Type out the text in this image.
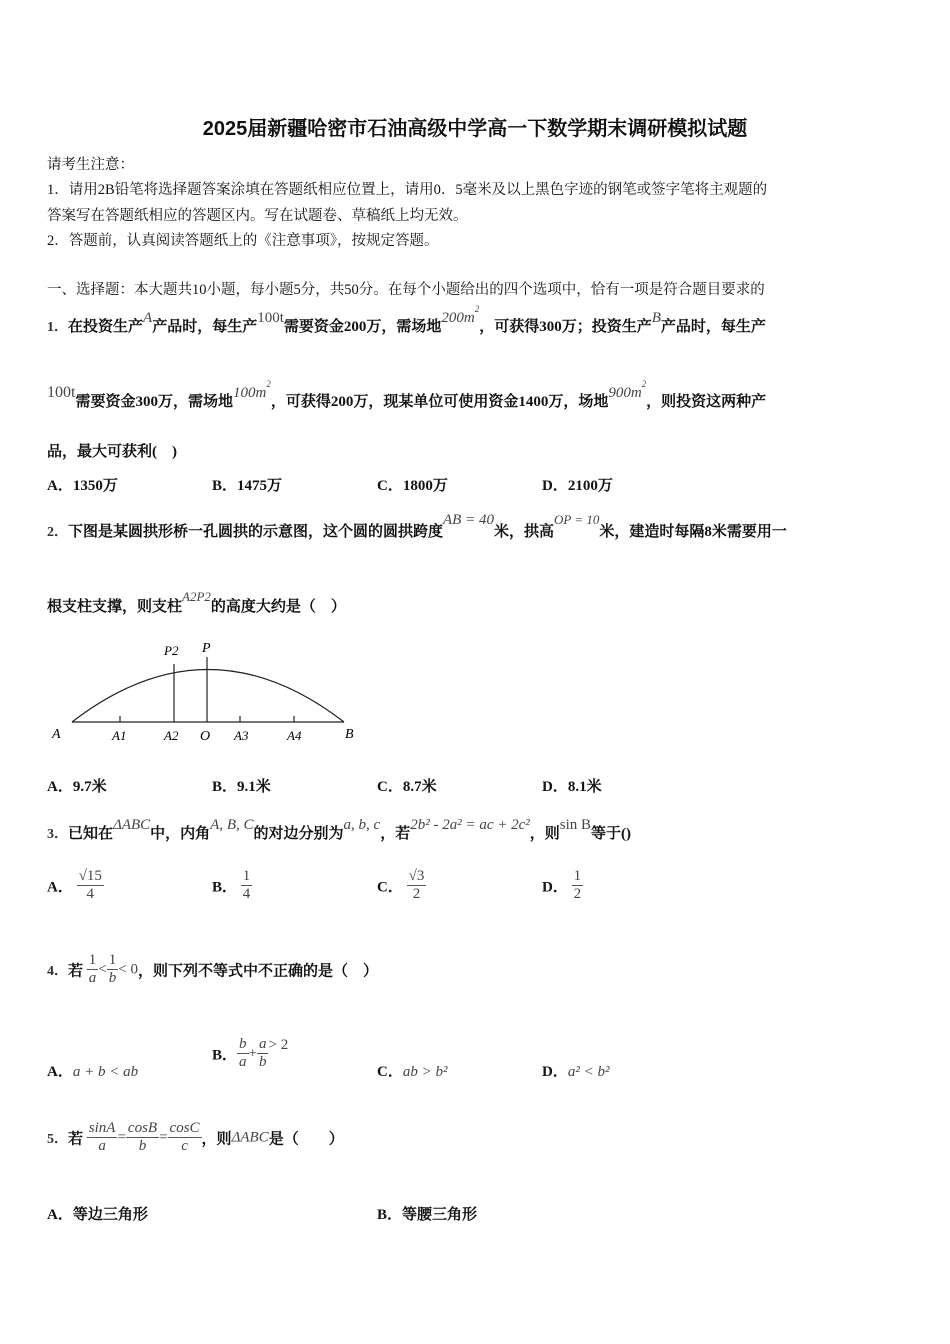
2025届新疆哈密市石油高级中学高一下数学期末调研模拟试题
请考生注意：
1．请用2B铅笔将选择题答案涂填在答题纸相应位置上，请用0．5毫米及以上黑色字迹的钢笔或签字笔将主观题的
答案写在答题纸相应的答题区内。写在试题卷、草稿纸上均无效。
2．答题前，认真阅读答题纸上的《注意事项》，按规定答题。
一、选择题：本大题共10小题，每小题5分，共50分。在每个小题给出的四个选项中，恰有一项是符合题目要求的
1．在投资生产A产品时，每生产100t需要资金200万，需场地$200m^2$，可获得300万；投资生产B产品时，每生产
100t需要资金300万，需场地$100m^2$，可获得200万，现某单位可使用资金1400万，场地$900m^2$，则投资这两种产
品，最大可获利(　)
A．1350万	B．1475万	C．1800万	D．2100万
2．下图是某圆拱形桥一孔圆拱的示意图，这个圆的圆拱跨度AB = 40米，拱高OP = 10米，建造时每隔8米需要用一
根支柱支撑，则支柱A2P2的高度大约是（　）
A	A1	A2 O A3	A4	B
P2 P
A．9.7米	B．9.1米	C．8.7米	D．8.1米
3．已知在ΔABC中，内角A, B, C的对边分别为a, b, c，若2b² - 2a² = ac + 2c²，则sin B等于()
A． $\frac{√15}{4}$	B． $\frac{1}{4}$	C． $\frac{√3}{2}$	D． $\frac{1}{2}$
4．若 $\frac{1}{a} < \frac{1}{b} < 0$，则下列不等式中不正确的是（　）
A．a + b < ab
B． $\frac{b}{a} + \frac{a}{b} > 2$
C．ab > b²	D．a² < b²
5．若 $\frac{\sin A}{a} = \frac{\cos B}{b} = \frac{\cos C}{c}$ ，则ΔABC是（　　）
A．等边三角形	B．等腰三角形
